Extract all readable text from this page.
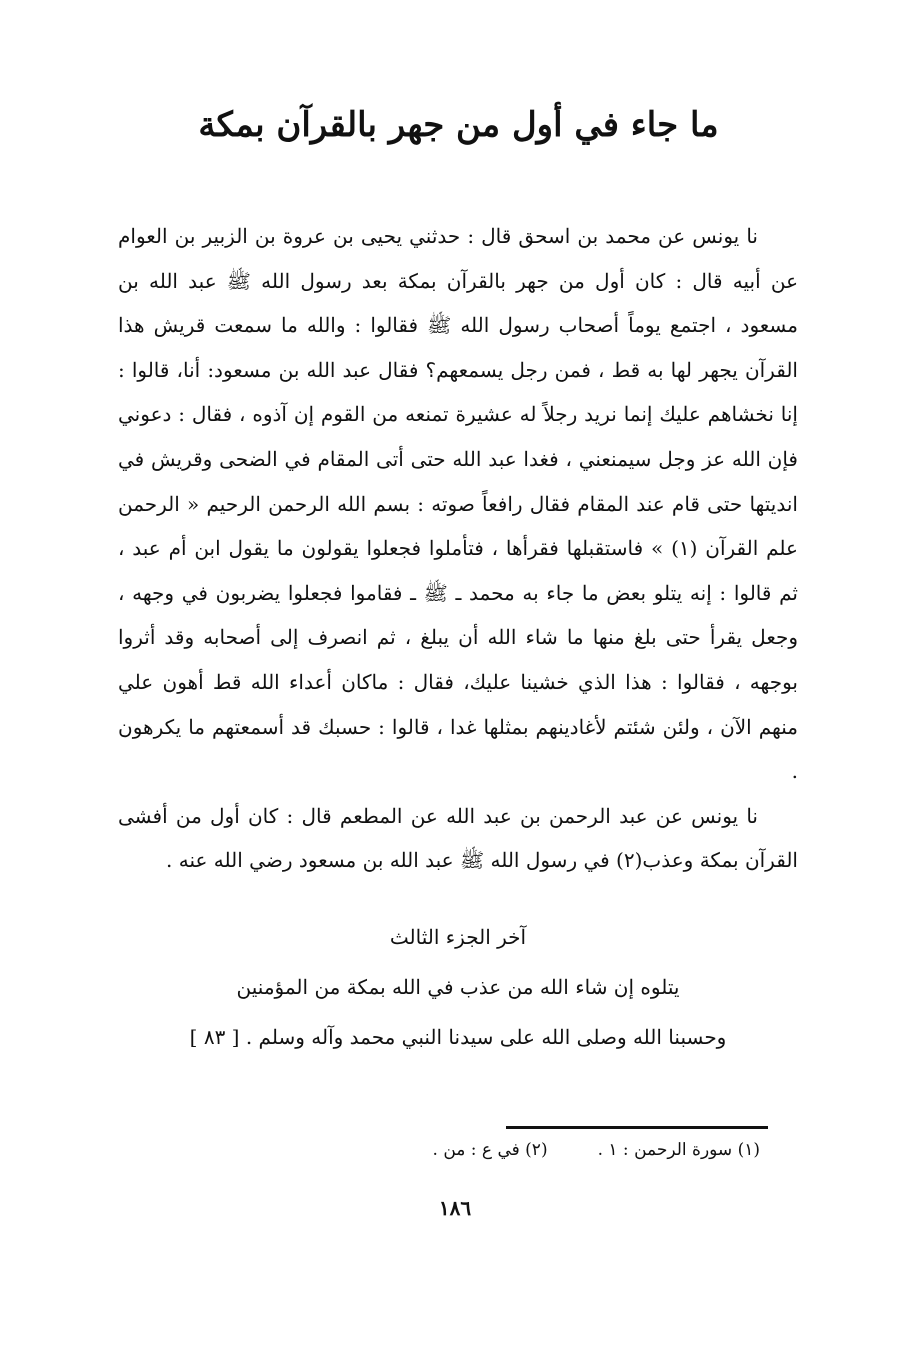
ما جاء في أول من جهر بالقرآن بمكة

نا يونس عن محمد بن اسحق قال : حدثني يحيى بن عروة بن الزبير بن العوام عن أبيه قال : كان أول من جهر بالقرآن بمكة بعد رسول الله ﷺ عبد الله بن مسعود ، اجتمع يوماً أصحاب رسول الله ﷺ فقالوا : والله ما سمعت قريش هذا القرآن يجهر لها به قط ، فمن رجل يسمعهم؟ فقال عبد الله بن مسعود: أنا، قالوا : إنا نخشاهم عليك إنما نريد رجلاً له عشيرة تمنعه من القوم إن آذوه ، فقال : دعوني فإن الله عز وجل سيمنعني ، فغدا عبد الله حتى أتى المقام في الضحى وقريش في انديتها حتى قام عند المقام فقال رافعاً صوته : بسم الله الرحمن الرحيم « الرحمن علم القرآن (١) » فاستقبلها فقرأها ، فتأملوا فجعلوا يقولون ما يقول ابن أم عبد ، ثم قالوا : إنه يتلو بعض ما جاء به محمد ـ ﷺ ـ فقاموا فجعلوا يضربون في وجهه ، وجعل يقرأ حتى بلغ منها ما شاء الله أن يبلغ ، ثم انصرف إلى أصحابه وقد أثروا بوجهه ، فقالوا : هذا الذي خشينا عليك، فقال : ماكان أعداء الله قط أهون علي منهم الآن ، ولئن شئتم لأغادينهم بمثلها غدا ، قالوا : حسبك قد أسمعتهم ما يكرهون .

نا يونس عن عبد الرحمن بن عبد الله عن المطعم قال : كان أول من أفشى القرآن بمكة وعذب(٢) في رسول الله ﷺ عبد الله بن مسعود رضي الله عنه .

آخر الجزء الثالث
يتلوه إن شاء الله من عذب في الله بمكة من المؤمنين
وحسبنا الله وصلى الله على سيدنا النبي محمد وآله وسلم . [ ٨٣ ]
(١) سورة الرحمن : ١ .
(٢) في ع : من .
١٨٦
